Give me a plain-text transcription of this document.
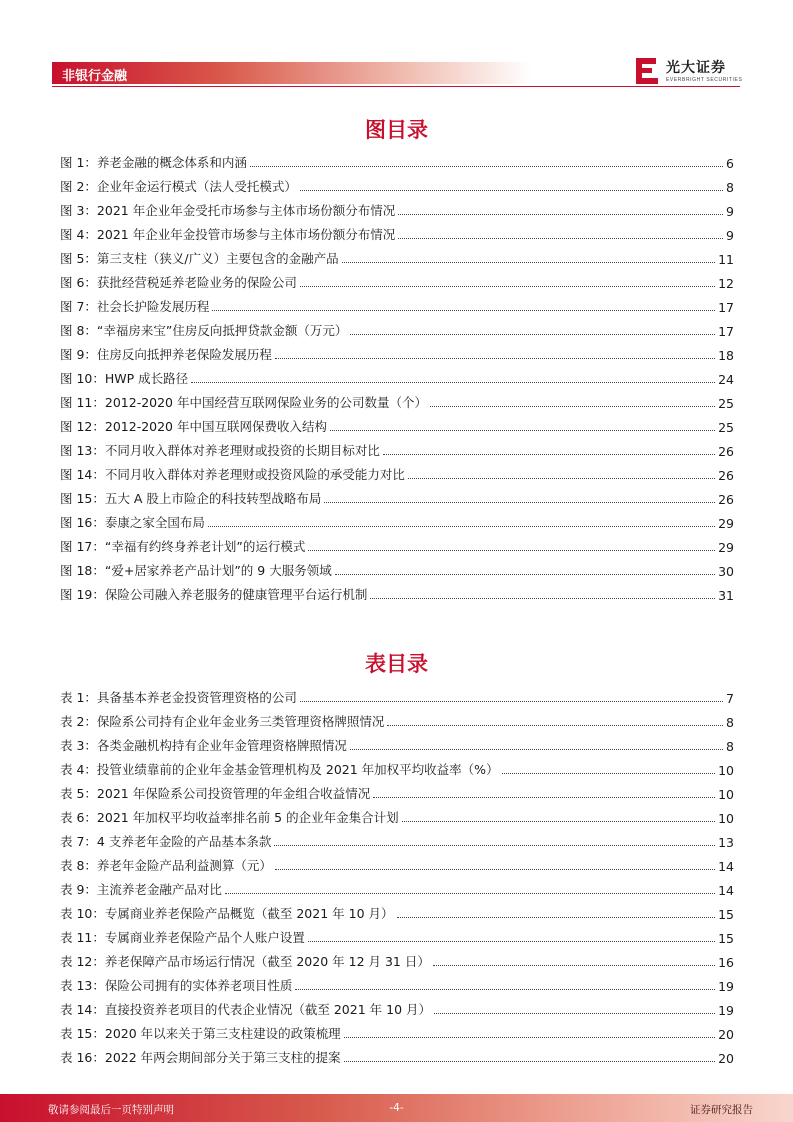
非银行金融
光大证券
EVERBRIGHT SECURITIES
图目录
图 1：养老金融的概念体系和内涵	6
图 2：企业年金运行模式（法人受托模式）	8
图 3：2021 年企业年金受托市场参与主体市场份额分布情况	9
图 4：2021 年企业年金投管市场参与主体市场份额分布情况	9
图 5：第三支柱（狭义/广义）主要包含的金融产品	11
图 6：获批经营税延养老险业务的保险公司	12
图 7：社会长护险发展历程	17
图 8：“幸福房来宝”住房反向抵押贷款金额（万元）	17
图 9：住房反向抵押养老保险发展历程	18
图 10：HWP 成长路径	24
图 11：2012-2020 年中国经营互联网保险业务的公司数量（个）	25
图 12：2012-2020 年中国互联网保费收入结构	25
图 13：不同月收入群体对养老理财或投资的长期目标对比	26
图 14：不同月收入群体对养老理财或投资风险的承受能力对比	26
图 15：五大 A 股上市险企的科技转型战略布局	26
图 16：泰康之家全国布局	29
图 17：“幸福有约终身养老计划”的运行模式	29
图 18：“爱+居家养老产品计划”的 9 大服务领域	30
图 19：保险公司融入养老服务的健康管理平台运行机制	31
表目录
表 1：具备基本养老金投资管理资格的公司	7
表 2：保险系公司持有企业年金业务三类管理资格牌照情况	8
表 3：各类金融机构持有企业年金管理资格牌照情况	8
表 4：投管业绩靠前的企业年金基金管理机构及 2021 年加权平均收益率（%）	10
表 5：2021 年保险系公司投资管理的年金组合收益情况	10
表 6：2021 年加权平均收益率排名前 5 的企业年金集合计划	10
表 7：4 支养老年金险的产品基本条款	13
表 8：养老年金险产品利益测算（元）	14
表 9：主流养老金融产品对比	14
表 10：专属商业养老保险产品概览（截至 2021 年 10 月）	15
表 11：专属商业养老保险产品个人账户设置	15
表 12：养老保障产品市场运行情况（截至 2020 年 12 月 31 日）	16
表 13：保险公司拥有的实体养老项目性质	19
表 14：直接投资养老项目的代表企业情况（截至 2021 年 10 月）	19
表 15：2020 年以来关于第三支柱建设的政策梳理	20
表 16：2022 年两会期间部分关于第三支柱的提案	20
敬请参阅最后一页特别声明	-4-	证券研究报告
